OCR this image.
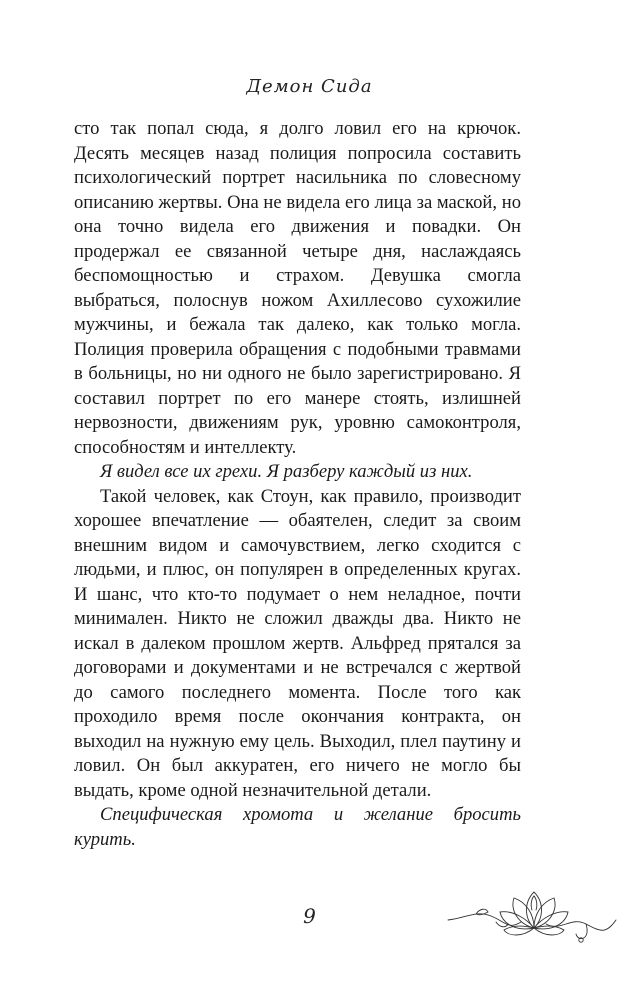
Демон Сида

сто так попал сюда, я долго ловил его на крючок. Десять месяцев назад полиция попросила составить психологический портрет насильника по словесному описанию жертвы. Она не видела его лица за маской, но она точно видела его движения и повадки. Он продержал ее связанной четыре дня, наслаждаясь беспомощностью и страхом. Девушка смогла выбраться, полоснув ножом Ахиллесово сухожилие мужчины, и бежала так далеко, как только могла. Полиция проверила обращения с подобными травмами в больницы, но ни одного не было зарегистрировано. Я составил портрет по его манере стоять, излишней нервозности, движениям рук, уровню самоконтроля, способностям и интеллекту.

Я видел все их грехи. Я разберу каждый из них.

Такой человек, как Стоун, как правило, производит хорошее впечатление — обаятелен, следит за своим внешним видом и самочувствием, легко сходится с людьми, и плюс, он популярен в определенных кругах. И шанс, что кто-то подумает о нем неладное, почти минимален. Никто не сложил дважды два. Никто не искал в далеком прошлом жертв. Альфред прятался за договорами и документами и не встречался с жертвой до самого последнего момента. После того как проходило время после окончания контракта, он выходил на нужную ему цель. Выходил, плел паутину и ловил. Он был аккуратен, его ничего не могло бы выдать, кроме одной незначительной детали.

Специфическая хромота и желание бросить курить.

9
